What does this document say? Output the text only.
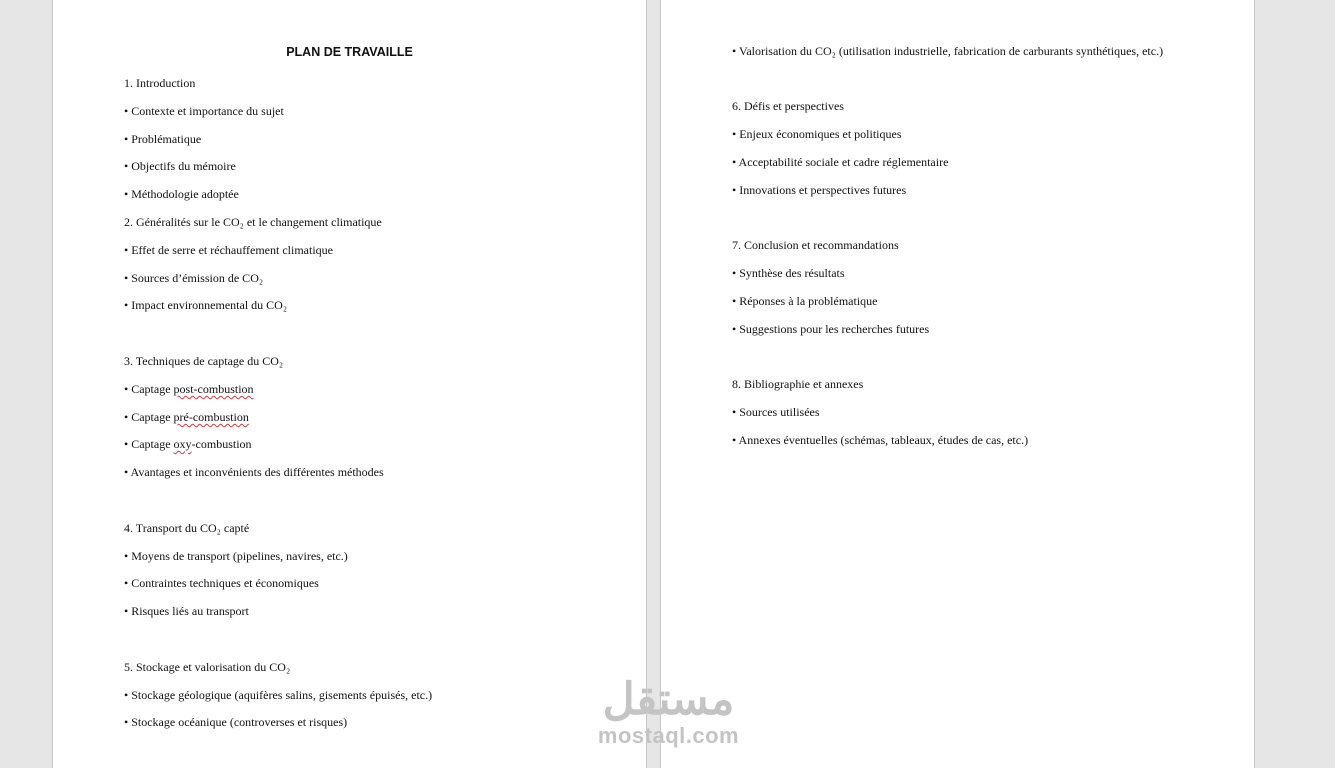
PLAN DE TRAVAILLE
1. Introduction
• Contexte et importance du sujet
• Problématique
• Objectifs du mémoire
• Méthodologie adoptée
2. Généralités sur le CO₂ et le changement climatique
• Effet de serre et réchauffement climatique
• Sources d’émission de CO₂
• Impact environnemental du CO₂
3. Techniques de captage du CO₂
• Captage post-combustion
• Captage pré-combustion
• Captage oxy-combustion
• Avantages et inconvénients des différentes méthodes
4. Transport du CO₂ capté
• Moyens de transport (pipelines, navires, etc.)
• Contraintes techniques et économiques
• Risques liés au transport
5. Stockage et valorisation du CO₂
• Stockage géologique (aquifères salins, gisements épuisés, etc.)
• Stockage océanique (controverses et risques)
• Valorisation du CO₂ (utilisation industrielle, fabrication de carburants synthétiques, etc.)
6. Défis et perspectives
• Enjeux économiques et politiques
• Acceptabilité sociale et cadre réglementaire
• Innovations et perspectives futures
7. Conclusion et recommandations
• Synthèse des résultats
• Réponses à la problématique
• Suggestions pour les recherches futures
8. Bibliographie et annexes
• Sources utilisées
• Annexes éventuelles (schémas, tableaux, études de cas, etc.)
مستقل
mostaql.com
